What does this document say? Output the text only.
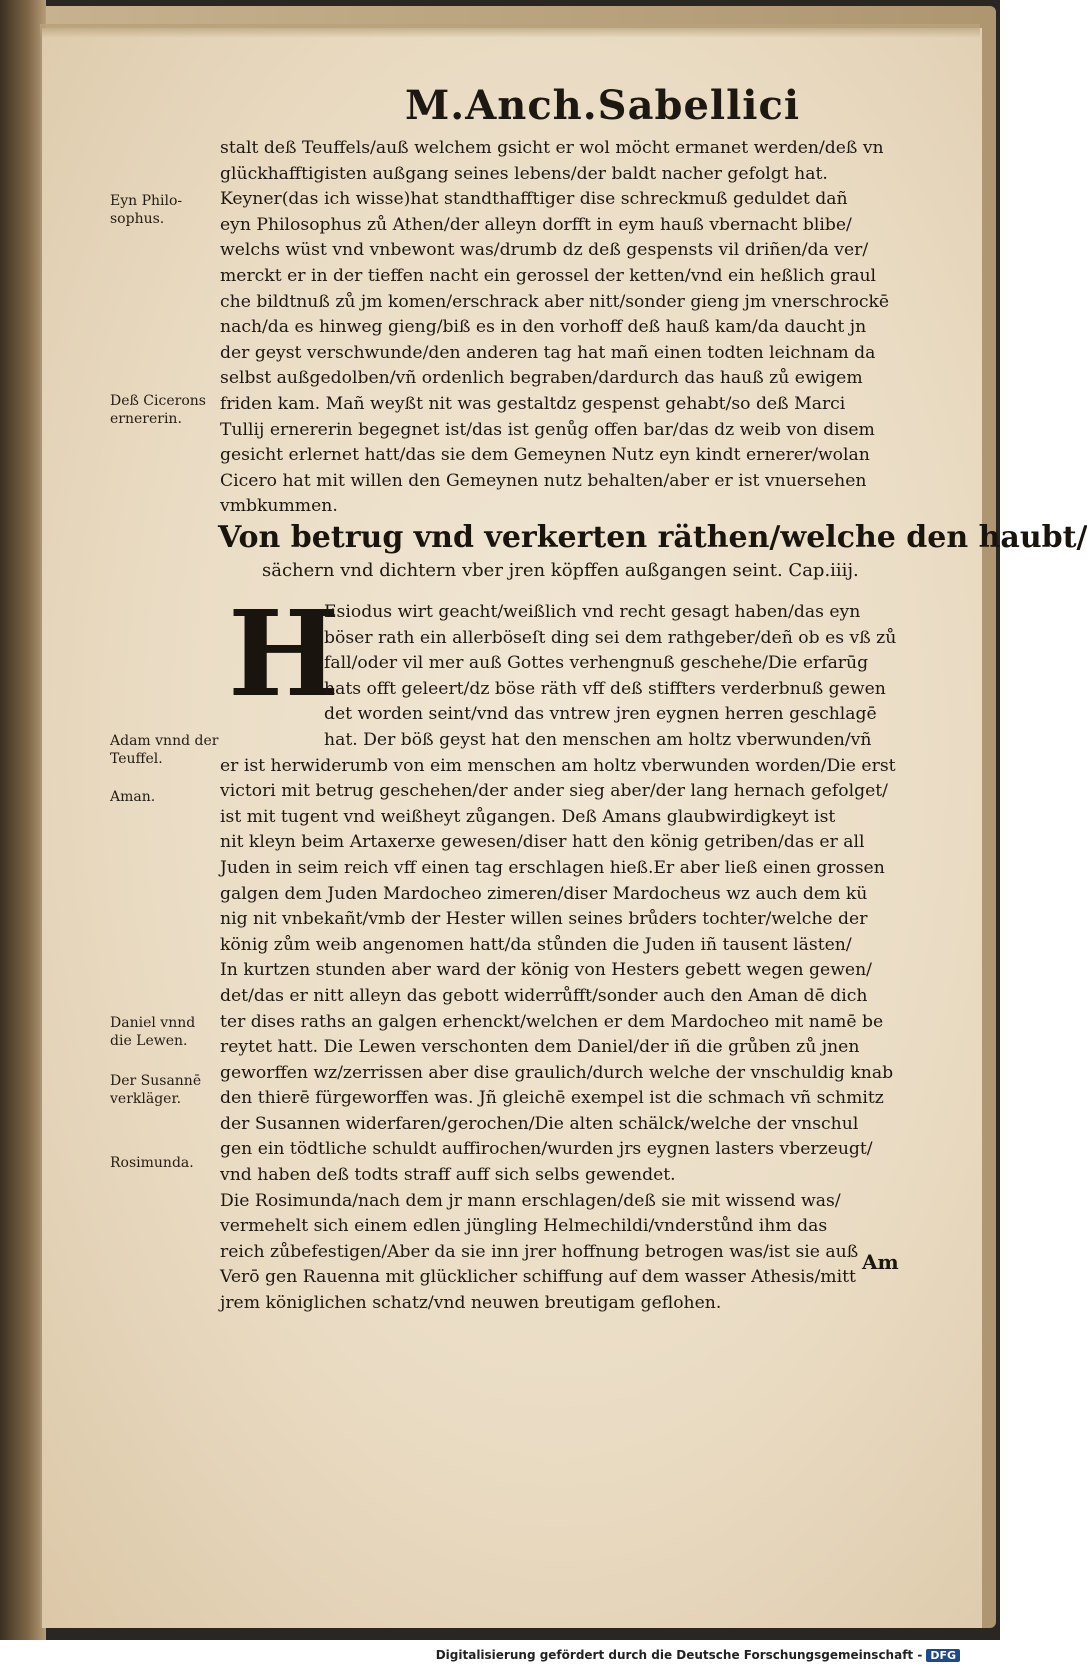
M.Anch.Sabellici
stalt deß Teuffels/auß welchem gsicht er wol möcht ermanet werden/deß vn
glückhafftigisten außgang seines lebens/der baldt nacher gefolgt hat.
Keyner(das ich wisse)hat standthafftiger dise schreckmuß geduldet dañ
eyn Philosophus zů Athen/der alleyn dorfft in eym hauß vbernacht blibe/
welchs wüst vnd vnbewont was/drumb dz deß gespensts vil driñen/da ver/
merckt er in der tieffen nacht ein gerossel der ketten/vnd ein heßlich graul
che bildtnuß zů jm komen/erschrack aber nitt/sonder gieng jm vnerschrockē
nach/da es hinweg gieng/biß es in den vorhoff deß hauß kam/da daucht jn
der geyst verschwunde/den anderen tag hat mañ einen todten leichnam da
selbst außgedolben/vñ ordenlich begraben/dardurch das hauß zů ewigem
friden kam. Mañ weyßt nit was gestaltdz gespenst gehabt/so deß Marci
Tullij ernererin begegnet ist/das ist genůg offen bar/das dz weib von disem
gesicht erlernet hatt/das sie dem Gemeynen Nutz eyn kindt ernerer/wolan
Cicero hat mit willen den Gemeynen nutz behalten/aber er ist vnuersehen
vmbkummen.
Von betrug vnd verkerten räthen/welche den haubt/
sächern vnd dichtern vber jren köpffen außgangen seint. Cap.iiij.
H
Esiodus wirt geacht/weißlich vnd recht gesagt haben/das eyn
böser rath ein allerböseſt ding sei dem rathgeber/deñ ob es vß zů
fall/oder vil mer auß Gottes verhengnuß geschehe/Die erfarūg
hats offt geleert/dz böse räth vff deß stiffters verderbnuß gewen
det worden seint/vnd das vntrew jren eygnen herren geschlagē
hat. Der böß geyst hat den menschen am holtz vberwunden/vñ
er ist herwiderumb von eim menschen am holtz vberwunden worden/Die erst
victori mit betrug geschehen/der ander sieg aber/der lang hernach gefolget/
ist mit tugent vnd weißheyt zůgangen. Deß Amans glaubwirdigkeyt ist
nit kleyn beim Artaxerxe gewesen/diser hatt den könig getriben/das er all
Juden in seim reich vff einen tag erschlagen hieß.Er aber ließ einen grossen
galgen dem Juden Mardocheo zimeren/diser Mardocheus wz auch dem kü
nig nit vnbekañt/vmb der Hester willen seines brůders tochter/welche der
könig zům weib angenomen hatt/da stůnden die Juden iñ tausent lästen/
In kurtzen stunden aber ward der könig von Hesters gebett wegen gewen/
det/das er nitt alleyn das gebott widerrůfft/sonder auch den Aman dē dich
ter dises raths an galgen erhenckt/welchen er dem Mardocheo mit namē be
reytet hatt. Die Lewen verschonten dem Daniel/der iñ die grůben zů jnen
geworffen wz/zerrissen aber dise graulich/durch welche der vnschuldig knab
den thierē fürgeworffen was. Jñ gleichē exempel ist die schmach vñ schmitz
der Susannen widerfaren/gerochen/Die alten schälck/welche der vnschul
gen ein tödtliche schuldt auffirochen/wurden jrs eygnen lasters vberzeugt/
vnd haben deß todts straff auff sich selbs gewendet.
Die Rosimunda/nach dem jr mann erschlagen/deß sie mit wissend was/
vermehelt sich einem edlen jüngling Helmechildi/vnderstůnd ihm das
reich zůbefestigen/Aber da sie inn jrer hoffnung betrogen was/ist sie auß
Verō gen Rauenna mit glücklicher schiffung auf dem wasser Athesis/mitt
jrem königlichen schatz/vnd neuwen breutigam geflohen.
Eyn Philo- sophus.
Deß Cicerons ernererin.
Adam vnnd der Teuffel.
Aman.
Daniel vnnd die Lewen.
Der Susannē verkläger.
Rosimunda.
Am
Digitalisierung gefördert durch die Deutsche Forschungsgemeinschaft - DFG
